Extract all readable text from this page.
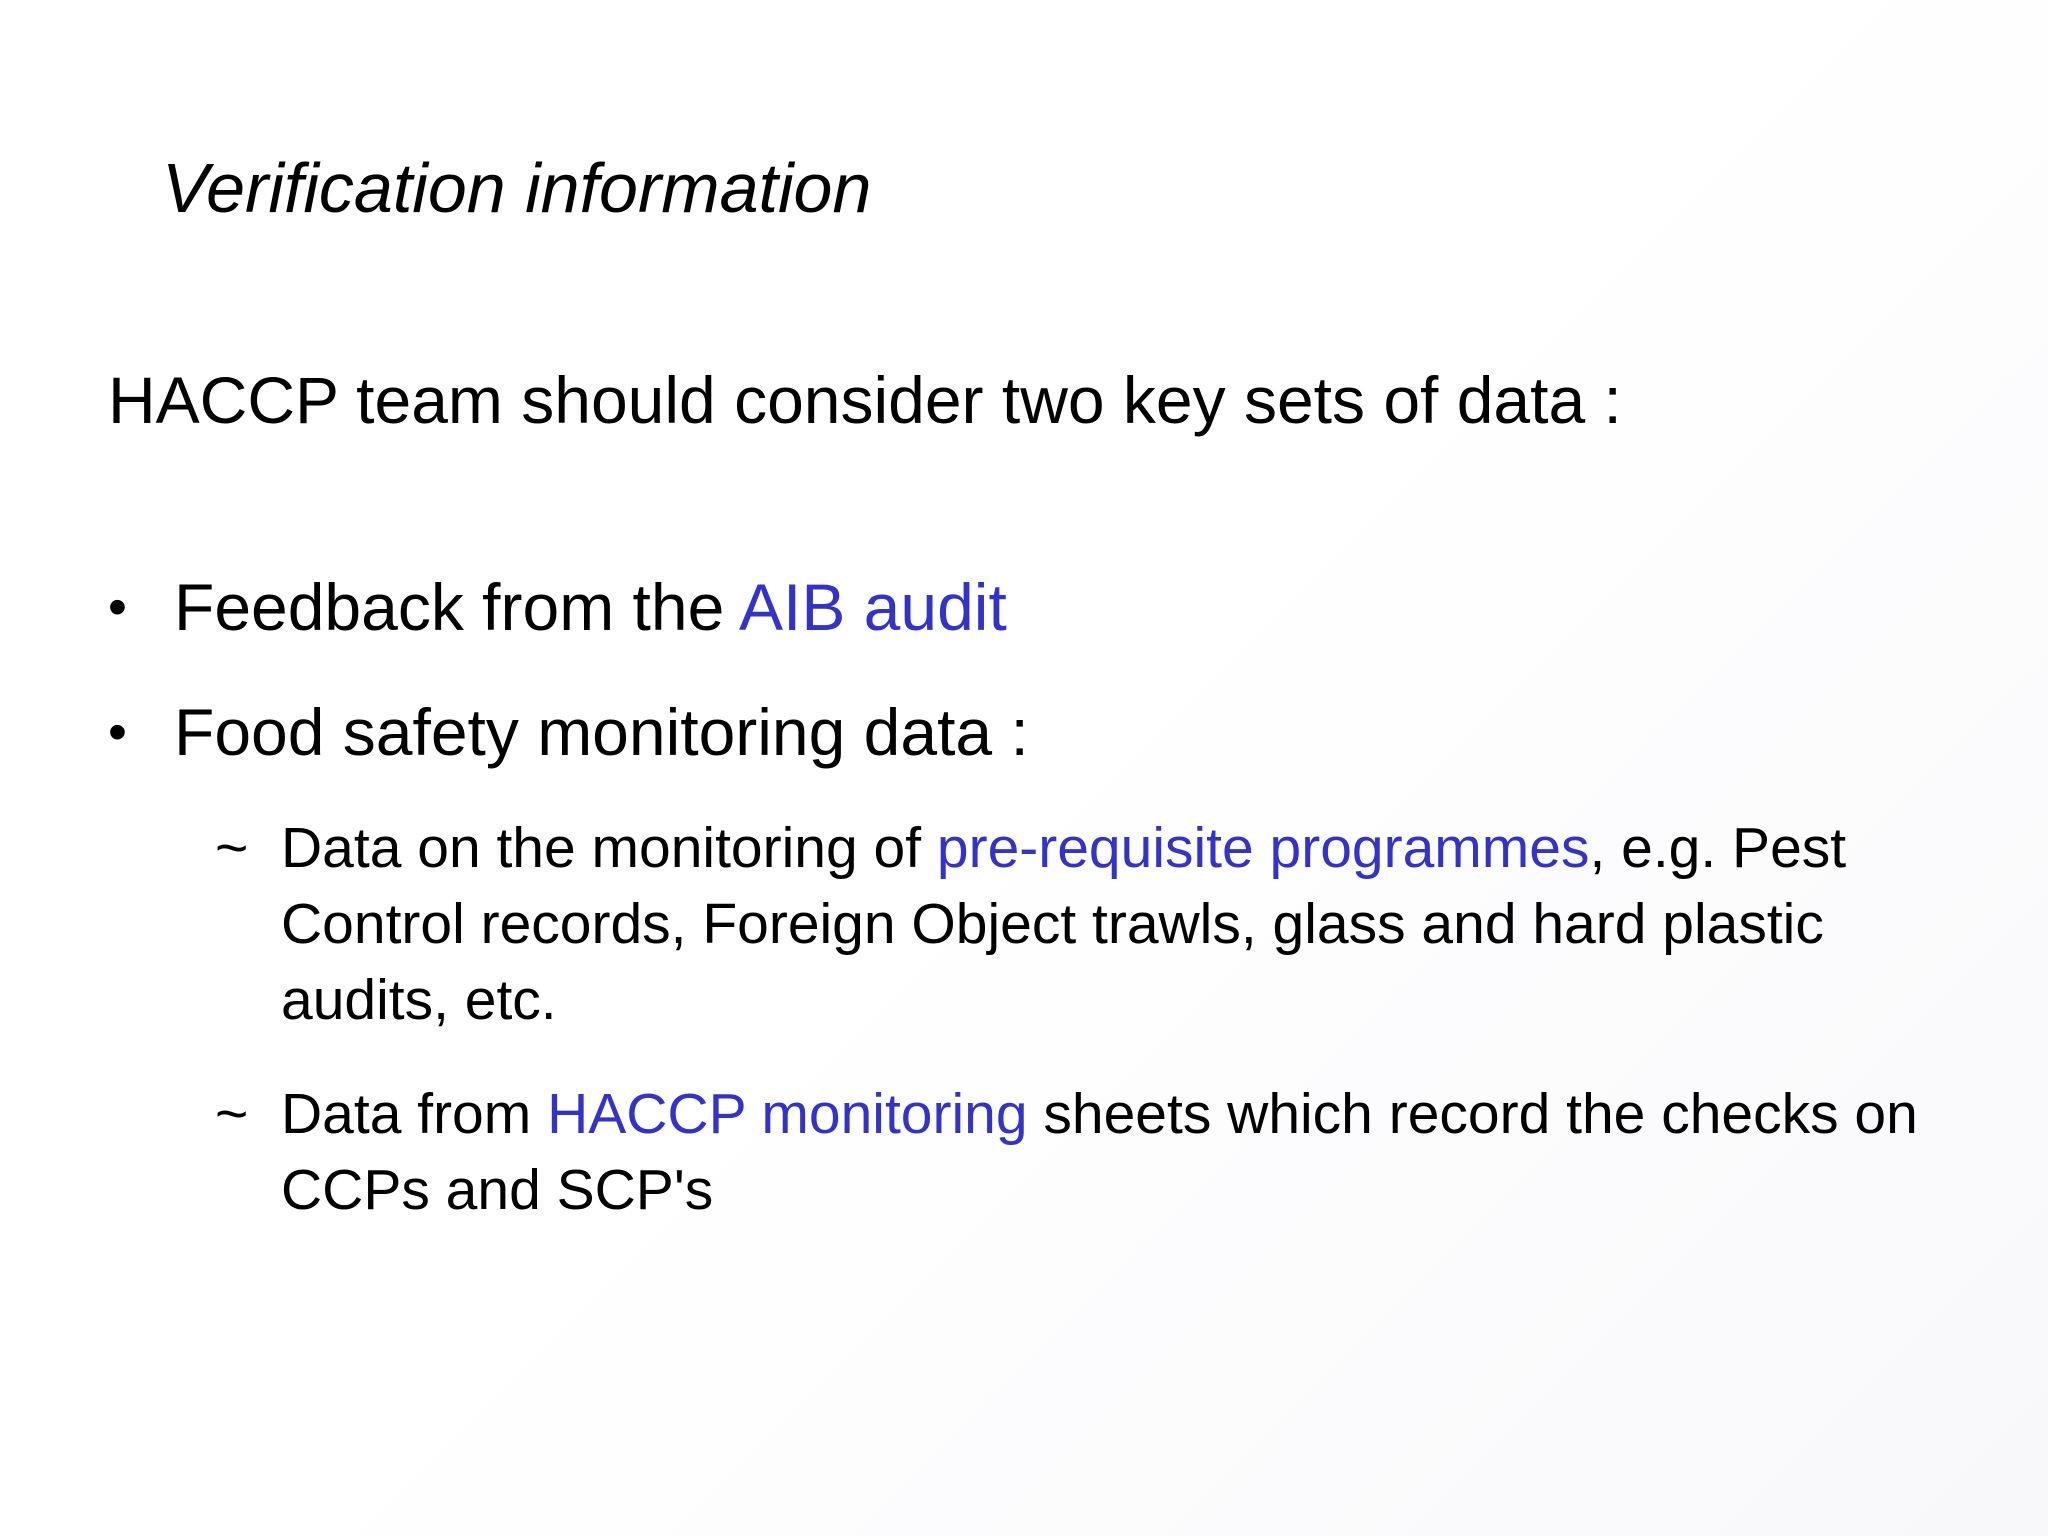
Verification information
HACCP team should consider two key sets of data :
• Feedback from the AIB audit
• Food safety monitoring data :
~ Data on the monitoring of pre-requisite programmes, e.g. Pest Control records, Foreign Object trawls, glass and hard plastic audits, etc.
~ Data from HACCP monitoring sheets which record the checks on CCPs and SCP's
